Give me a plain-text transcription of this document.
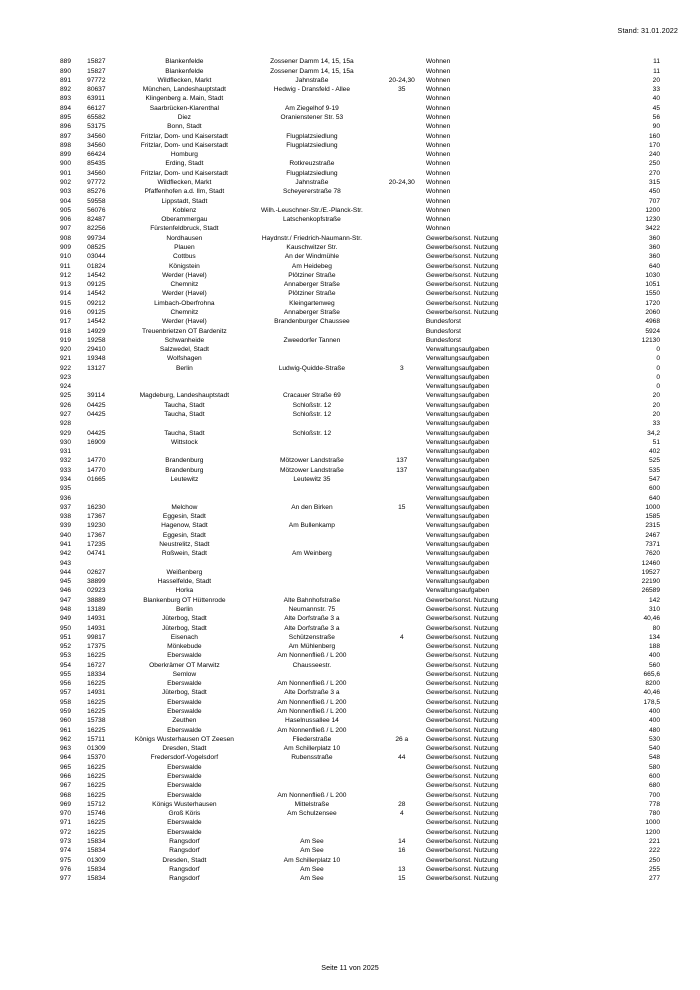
Stand: 31.01.2022
889	15827	Blankenfelde	Zossener Damm 14, 15, 15a		Wohnen	11
890	15827	Blankenfelde	Zossener Damm 14, 15, 15a		Wohnen	11
891	97772	Wildflecken, Markt	Jahnstraße	20-24,30	Wohnen	20
892	80637	München, Landeshauptstadt	Hedwig - Dransfeld - Allee	35	Wohnen	33
893	63911	Klingenberg a. Main, Stadt			Wohnen	40
894	66127	Saarbrücken-Klarenthal	Am Ziegelhof 9-19		Wohnen	45
895	65582	Diez	Oranienstener Str. 53		Wohnen	56
896	53175	Bonn, Stadt			Wohnen	90
897	34560	Fritzlar, Dom- und Kaiserstadt	Flugplatzsiedlung		Wohnen	160
898	34560	Fritzlar, Dom- und Kaiserstadt	Flugplatzsiedlung		Wohnen	170
899	66424	Homburg			Wohnen	240
900	85435	Erding, Stadt	Rotkreuzstraße		Wohnen	250
901	34560	Fritzlar, Dom- und Kaiserstadt	Flugplatzsiedlung		Wohnen	270
902	97772	Wildflecken, Markt	Jahnstraße	20-24,30	Wohnen	315
903	85276	Pfaffenhofen a.d. Ilm, Stadt	Scheyererstraße 78		Wohnen	450
904	59558	Lippstadt, Stadt			Wohnen	707
905	56076	Koblenz	Wilh.-Leuschner-Str./E.-Planck-Str.		Wohnen	1200
906	82487	Oberammergau	Latschenkopfstraße		Wohnen	1230
907	82256	Fürstenfeldbruck, Stadt			Wohnen	3422
908	99734	Nordhausen	Haydnstr./ Friedrich-Naumann-Str.		Gewerbe/sonst. Nutzung	360
909	08525	Plauen	Kauschwitzer Str.		Gewerbe/sonst. Nutzung	360
910	03044	Cottbus	An der Windmühle		Gewerbe/sonst. Nutzung	360
911	01824	Königstein	Am Heidebeg		Gewerbe/sonst. Nutzung	640
912	14542	Werder (Havel)	Plötziner Straße		Gewerbe/sonst. Nutzung	1030
913	09125	Chemnitz	Annaberger Straße		Gewerbe/sonst. Nutzung	1051
914	14542	Werder (Havel)	Plötziner Straße		Gewerbe/sonst. Nutzung	1550
915	09212	Limbach-Oberfrohna	Kleingartenweg		Gewerbe/sonst. Nutzung	1720
916	09125	Chemnitz	Annaberger Straße		Gewerbe/sonst. Nutzung	2060
917	14542	Werder (Havel)	Brandenburger Chaussee		Bundesforst	4968
918	14929	Treuenbrietzen OT Bardenitz			Bundesforst	5924
919	19258	Schwanheide	Zweedorfer Tannen		Bundesforst	12130
920	29410	Salzwedel, Stadt			Verwaltungsaufgaben	0
921	19348	Wolfshagen			Verwaltungsaufgaben	0
922	13127	Berlin	Ludwig-Quidde-Straße	3	Verwaltungsaufgaben	0
923					Verwaltungsaufgaben	0
924					Verwaltungsaufgaben	0
925	39114	Magdeburg, Landeshauptstadt	Cracauer Straße 69		Verwaltungsaufgaben	20
926	04425	Taucha, Stadt	Schloßstr. 12		Verwaltungsaufgaben	20
927	04425	Taucha, Stadt	Schloßstr. 12		Verwaltungsaufgaben	20
928					Verwaltungsaufgaben	33
929	04425	Taucha, Stadt	Schloßstr. 12		Verwaltungsaufgaben	34,2
930	16909	Wittstock			Verwaltungsaufgaben	51
931					Verwaltungsaufgaben	402
932	14770	Brandenburg	Mötzower Landstraße	137	Verwaltungsaufgaben	525
933	14770	Brandenburg	Mötzower Landstraße	137	Verwaltungsaufgaben	535
934	01665	Leutewitz	Leutewitz 35		Verwaltungsaufgaben	547
935					Verwaltungsaufgaben	600
936					Verwaltungsaufgaben	640
937	16230	Melchow	An den Birken	15	Verwaltungsaufgaben	1000
938	17367	Eggesin, Stadt			Verwaltungsaufgaben	1585
939	19230	Hagenow, Stadt	Am Bullenkamp		Verwaltungsaufgaben	2315
940	17367	Eggesin, Stadt			Verwaltungsaufgaben	2467
941	17235	Neustrelitz, Stadt			Verwaltungsaufgaben	7371
942	04741	Roßwein, Stadt	Am Weinberg		Verwaltungsaufgaben	7620
943					Verwaltungsaufgaben	12460
944	02627	Weißenberg			Verwaltungsaufgaben	19527
945	38899	Hasselfelde, Stadt			Verwaltungsaufgaben	22190
946	02923	Horka			Verwaltungsaufgaben	26589
947	38889	Blankenburg OT Hüttenrode	Alte Bahnhofstraße		Gewerbe/sonst. Nutzung	142
948	13189	Berlin	Neumannstr. 75		Gewerbe/sonst. Nutzung	310
949	14931	Jüterbog, Stadt	Alte Dorfstraße 3 a		Gewerbe/sonst. Nutzung	40,46
950	14931	Jüterbog, Stadt	Alte Dorfstraße 3 a		Gewerbe/sonst. Nutzung	80
951	99817	Eisenach	Schützenstraße	4	Gewerbe/sonst. Nutzung	134
952	17375	Mönkebude	Am Mühlenberg		Gewerbe/sonst. Nutzung	188
953	16225	Eberswalde	Am Nonnenfließ / L 200		Gewerbe/sonst. Nutzung	400
954	16727	Oberkrämer OT Marwitz	Chausseestr.		Gewerbe/sonst. Nutzung	560
955	18334	Semlow			Gewerbe/sonst. Nutzung	665,6
956	16225	Eberswalde	Am Nonnenfließ / L 200		Gewerbe/sonst. Nutzung	8200
957	14931	Jüterbog, Stadt	Alte Dorfstraße 3 a		Gewerbe/sonst. Nutzung	40,46
958	16225	Eberswalde	Am Nonnenfließ / L 200		Gewerbe/sonst. Nutzung	178,5
959	16225	Eberswalde	Am Nonnenfließ / L 200		Gewerbe/sonst. Nutzung	400
960	15738	Zeuthen	Haselnussallee 14		Gewerbe/sonst. Nutzung	400
961	16225	Eberswalde	Am Nonnenfließ / L 200		Gewerbe/sonst. Nutzung	480
962	15711	Königs Wusterhausen OT Zeesen	Fliederstraße	26 a	Gewerbe/sonst. Nutzung	530
963	01309	Dresden, Stadt	Am Schillerplatz 10		Gewerbe/sonst. Nutzung	540
964	15370	Fredersdorf-Vogelsdorf	Rubensstraße	44	Gewerbe/sonst. Nutzung	548
965	16225	Eberswalde			Gewerbe/sonst. Nutzung	580
966	16225	Eberswalde			Gewerbe/sonst. Nutzung	600
967	16225	Eberswalde			Gewerbe/sonst. Nutzung	680
968	16225	Eberswalde	Am Nonnenfließ / L 200		Gewerbe/sonst. Nutzung	700
969	15712	Königs Wusterhausen	Mittelstraße	28	Gewerbe/sonst. Nutzung	778
970	15746	Groß Köris	Am Schulzensee	4	Gewerbe/sonst. Nutzung	780
971	16225	Eberswalde			Gewerbe/sonst. Nutzung	1000
972	16225	Eberswalde			Gewerbe/sonst. Nutzung	1200
973	15834	Rangsdorf	Am See	14	Gewerbe/sonst. Nutzung	221
974	15834	Rangsdorf	Am See	16	Gewerbe/sonst. Nutzung	222
975	01309	Dresden, Stadt	Am Schillerplatz 10		Gewerbe/sonst. Nutzung	250
976	15834	Rangsdorf	Am See	13	Gewerbe/sonst. Nutzung	255
977	15834	Rangsdorf	Am See	15	Gewerbe/sonst. Nutzung	277
Seite 11 von 2025
